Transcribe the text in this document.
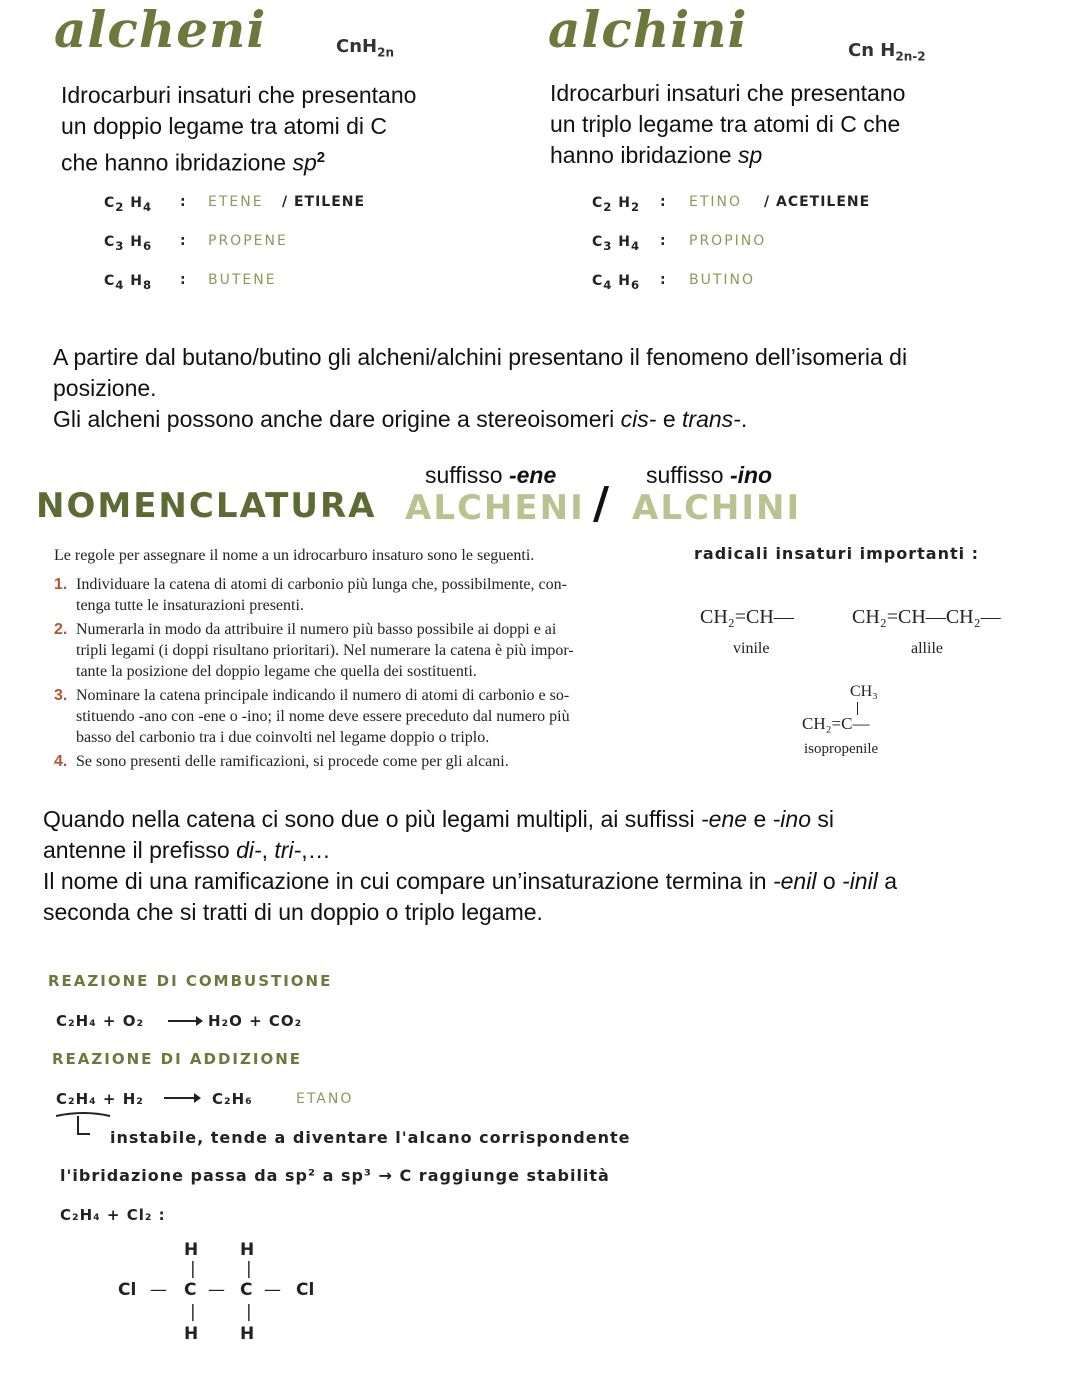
alcheni	CnH$_{2n}$
Idrocarburi insaturi che presentano
un doppio legame tra atomi di C
che hanno ibridazione $sp^2$
$C_2$ $H_4$ : ETENE / ETILENE
$C_3$ $H_6$ : PROPENE
$C_4$ $H_8$ : BUTENE
alchini	Cn $H_{2n-2}$
Idrocarburi insaturi che presentano
un triplo legame tra atomi di C che
hanno ibridazione sp
$C_2$ $H_2$ : ETINO / ACETILENE
$C_3$ $H_4$ : PROPINO
$C_4$ $H_6$ : BUTINO
A partire dal butano/butino gli alcheni/alchini presentano il fenomeno dell’isomeria di
posizione.
Gli alcheni possono anche dare origine a stereoisomeri cis- e trans-.
suffisso -ene	suffisso -ino
NOMENCLATURA ALCHENI / ALCHINI
Le regole per assegnare il nome a un idrocarburo insaturo sono le seguenti.
1. Individuare la catena di atomi di carbonio più lunga che, possibilmente, con-
tenga tutte le insaturazioni presenti.
2. Numerarla in modo da attribuire il numero più basso possibile ai doppi e ai
tripli legami (i doppi risultano prioritari). Nel numerare la catena è più impor-
tante la posizione del doppio legame che quella dei sostituenti.
3. Nominare la catena principale indicando il numero di atomi di carbonio e so-
stituendo -ano con -ene o -ino; il nome deve essere preceduto dal numero più
basso del carbonio tra i due coinvolti nel legame doppio o triplo.
4. Se sono presenti delle ramificazioni, si procede come per gli alcani.
radicali insaturi importanti :
CH₂=CH—
vinile
CH₂=CH—CH₂—
allile
CH₃
CH₂=C—
isopropenile
Quando nella catena ci sono due o più legami multipli, ai suffissi -ene e -ino si
antenne il prefisso di-, tri-,…
Il nome di una ramificazione in cui compare un’insaturazione termina in -enil o -inil a
seconda che si tratti di un doppio o triplo legame.
REAZIONE DI COMBUSTIONE
C₂H₄ + O₂	H₂O + CO₂
REAZIONE DI ADDIZIONE
C₂H₄ + H₂	C₂H₆	ETANO
instabile, tende a diventare l'alcano corrispondente
l'ibridazione passa da sp² a sp³ → C raggiunge stabilità
C₂H₄ + Cl₂ :
H H
|	|
Cl — C — C — Cl
|	|
H H
